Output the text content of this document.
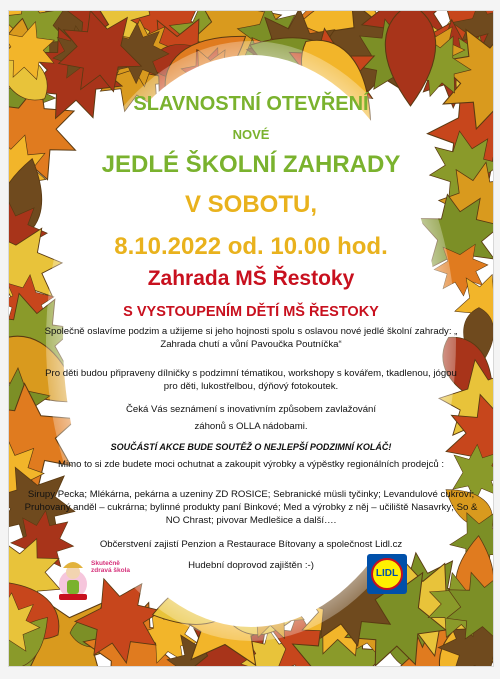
SLAVNOSTNÍ OTEVŘENÍ

NOVÉ

JEDLÉ ŠKOLNÍ ZAHRADY

V SOBOTU,

8.10.2022 od. 10.00 hod.

Zahrada MŠ Řestoky

S VYSTOUPENÍM DĚTÍ MŠ ŘESTOKY

Společně oslavíme podzim a užijeme si jeho hojnosti spolu s oslavou nové jedlé školní zahrady: „ Zahrada chutí a vůní Pavoučka Poutníčka“

Pro děti budou připraveny dílničky s podzimní tématikou, workshopy s kovářem, tkadlenou, jógou pro děti, lukostřelbou, dýňový fotokoutek.

Čeká Vás seznámení s inovativním způsobem zavlažování

záhonů s OLLA nádobami.

SOUČÁSTÍ AKCE BUDE SOUTĚŽ O NEJLEPŠÍ PODZIMNÍ KOLÁČ!

Mimo to si zde budete moci ochutnat a zakoupit výrobky a výpěstky regionálních prodejců :

Sirupy Pecka; Mlékárna, pekárna a uzeniny ZD ROSICE; Sebranické müsli tyčinky; Levandulové cukroví; Pruhovaný anděl – cukrárna; bylinné produkty paní Binkové; Med a výrobky z něj – učiliště Nasavrky; So & NO Chrast; pivovar Medlešice a další….

Občerstvení zajistí Penzion a Restaurace Bítovany a společnost Lidl.cz

Hudební doprovod zajištěn :-)

Skutečně zdravá škola	LIDL
